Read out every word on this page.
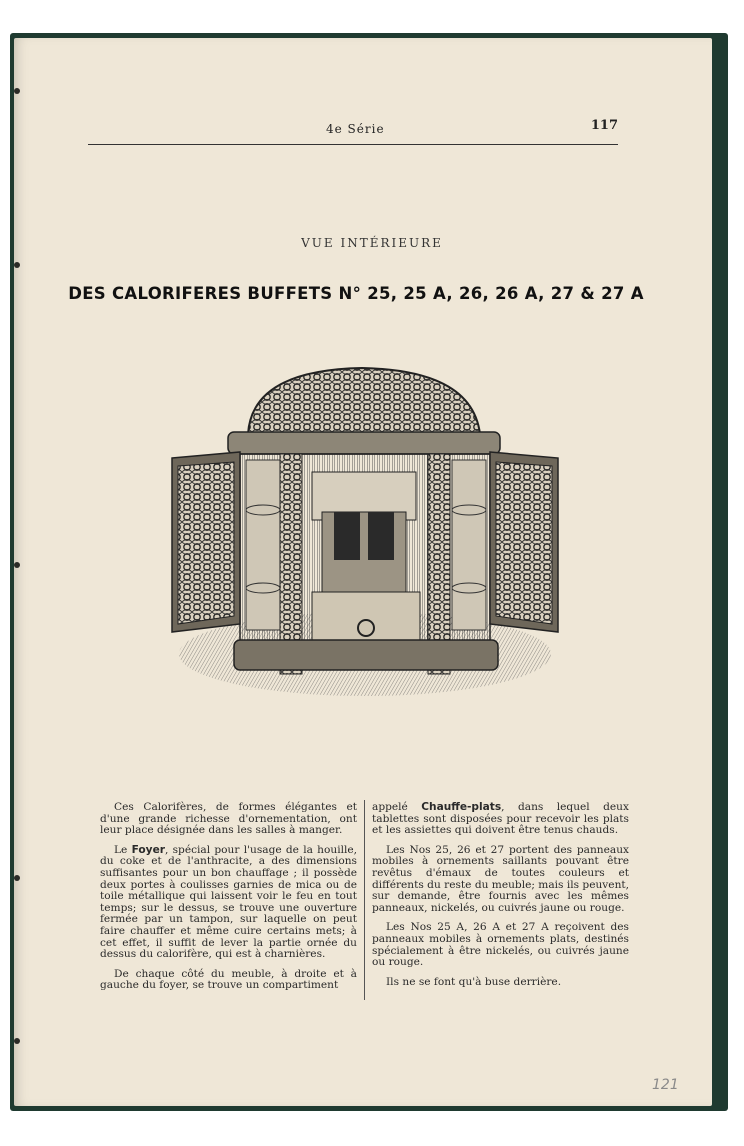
4e Série	117
VUE INTÉRIEURE
DES CALORIFERES BUFFETS N° 25, 25 A, 26, 26 A, 27 & 27 A

Ces Calorifères, de formes élégantes et d'une grande richesse d'ornementation, ont leur place désignée dans les salles à manger.

Le Foyer, spécial pour l'usage de la houille, du coke et de l'anthracite, a des dimensions suffisantes pour un bon chauffage ; il possède deux portes à coulisses garnies de mica ou de toile métallique qui laissent voir le feu en tout temps; sur le dessus, se trouve une ouverture fermée par un tampon, sur laquelle on peut faire chauffer et même cuire certains mets; à cet effet, il suffit de lever la partie ornée du dessus du calorifère, qui est à charnières.

De chaque côté du meuble, à droite et à gauche du foyer, se trouve un compartiment

appelé Chauffe-plats, dans lequel deux tablettes sont disposées pour recevoir les plats et les assiettes qui doivent être tenus chauds.

Les Nos 25, 26 et 27 portent des panneaux mobiles à ornements saillants pouvant être revêtus d'émaux de toutes couleurs et différents du reste du meuble; mais ils peuvent, sur demande, être fournis avec les mêmes panneaux, nickelés, ou cuivrés jaune ou rouge.

Les Nos 25 A, 26 A et 27 A reçoivent des panneaux mobiles à ornements plats, destinés spécialement à être nickelés, ou cuivrés jaune ou rouge.

Ils ne se font qu'à buse derrière.

121
